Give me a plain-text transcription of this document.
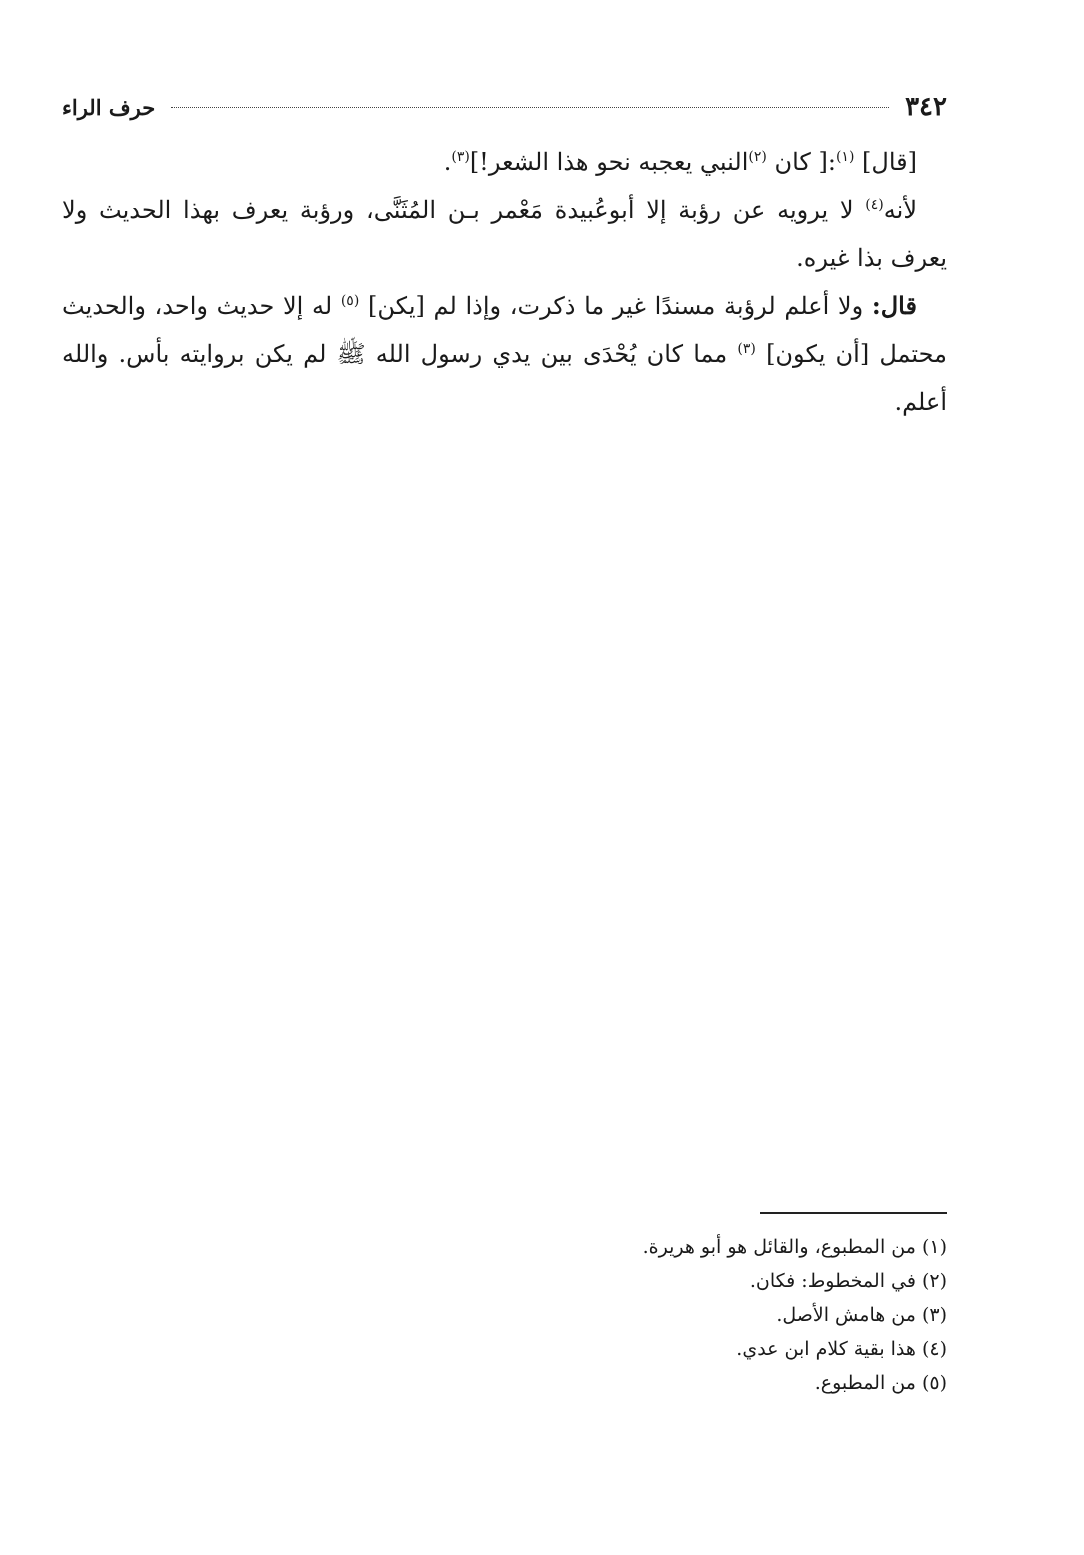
٣٤٢
حرف الراء

[قال] $^{(١)}$:[ كان $^{(٢)}$النبي يعجبه نحو هذا الشعر!]$^{(٣)}$.

لأنه$^{(٤)}$ لا يرويه عن رؤبة إلا أبوعُبيدة مَعْمر بـن المُثَنَّى، ورؤبة يعرف بهذا الحديث ولا يعرف بذا غيره.

قال: ولا أعلم لرؤبة مسندًا غير ما ذكرت، وإذا لم [يكن] $^{(٥)}$ له إلا حديث واحد، والحديث محتمل [أن يكون] $^{(٣)}$ مما كان يُحْدَى بين يدي رسول الله ﷺ لم يكن بروايته بأس. والله أعلم.

(١)من المطبوع، والقائل هو أبو هريرة.

(٢)في المخطوط: فكان.

(٣)من هامش الأصل.

(٤)هذا بقية كلام ابن عدي.

(٥)من المطبوع.
